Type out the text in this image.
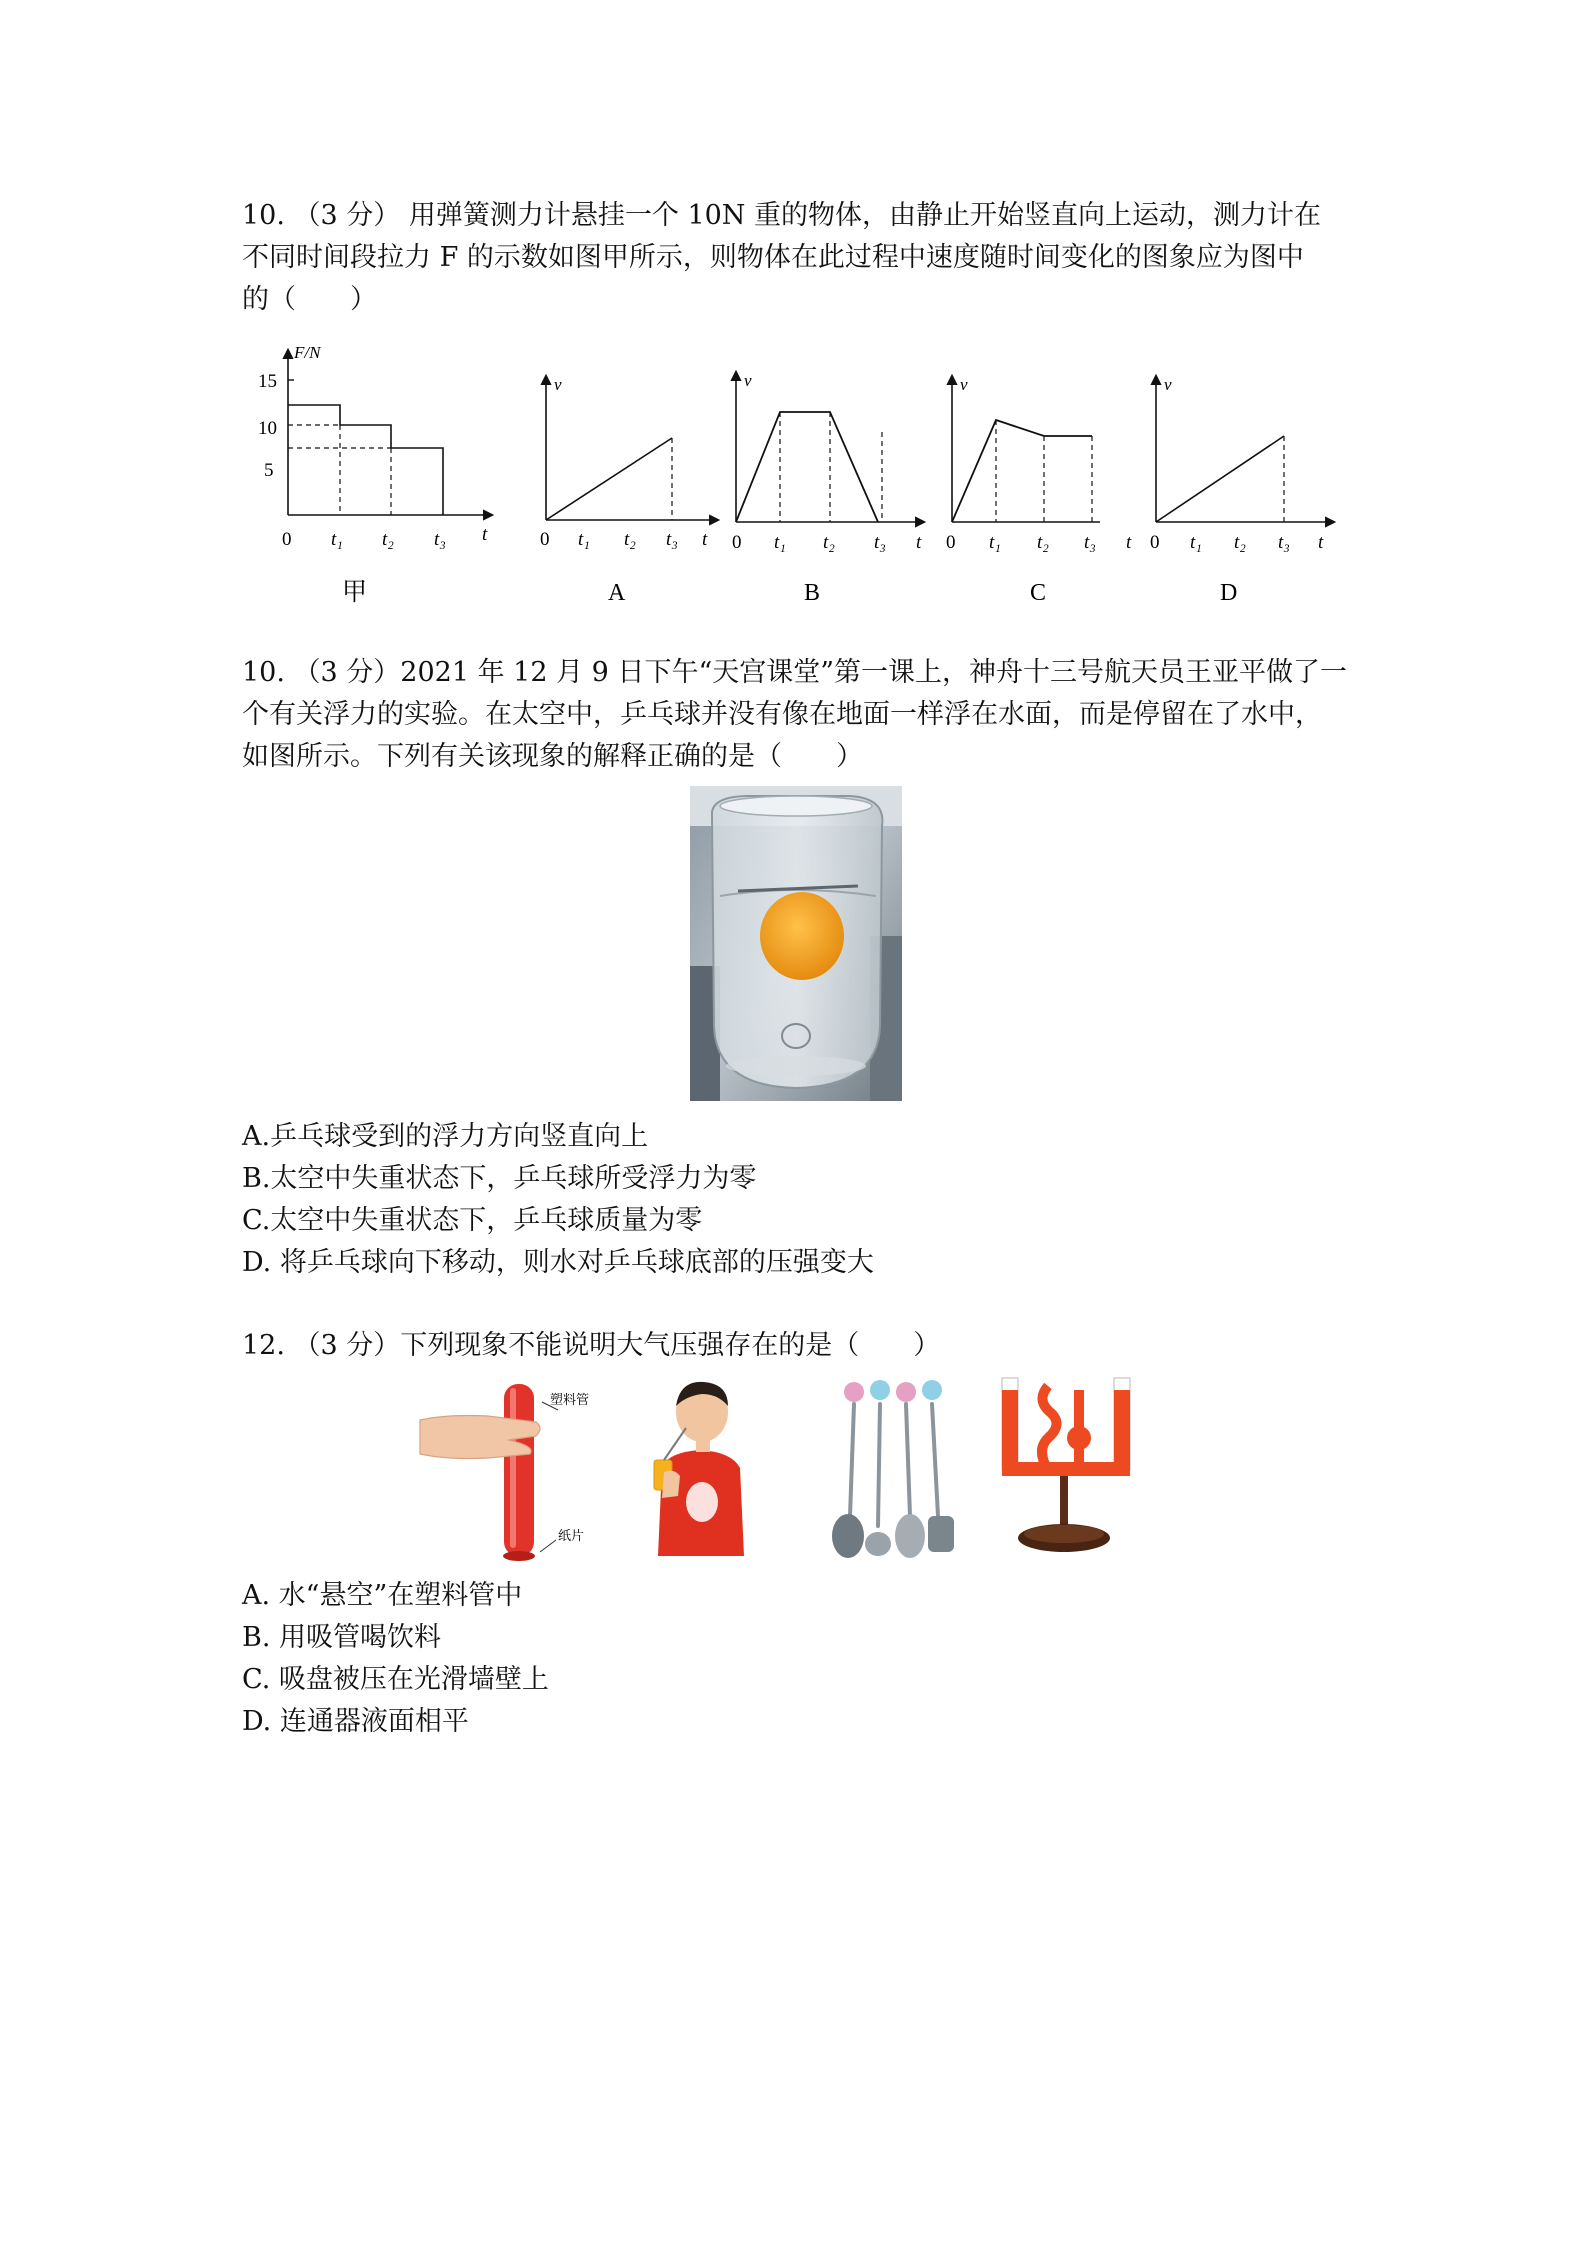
10. （3 分） 用弹簧测力计悬挂一个 10N 重的物体，由静止开始竖直向上运动，测力计在

不同时间段拉力 F 的示数如图甲所示，则物体在此过程中速度随时间变化的图象应为图中

的（　　）

F/N
15
10
5
0 t₁ t₂ t₃ t
甲
v
0 t₁ t₂ t₃ t
A
v
0 t₁ t₂ t₃ t
B
v
0 t₁ t₂ t₃ t
C
v
0 t₁ t₂ t₃ t
D

10. （3 分）2021 年 12 月 9 日下午“天宫课堂”第一课上，神舟十三号航天员王亚平做了一

个有关浮力的实验。在太空中，乒乓球并没有像在地面一样浮在水面，而是停留在了水中，

如图所示。下列有关该现象的解释正确的是（　　）

A.乒乓球受到的浮力方向竖直向上
B.太空中失重状态下，乒乓球所受浮力为零
C.太空中失重状态下，乒乓球质量为零
D. 将乒乓球向下移动，则水对乒乓球底部的压强变大

12. （3 分）下列现象不能说明大气压强存在的是（　　）

塑料管
纸片
A. 水“悬空”在塑料管中
B. 用吸管喝饮料
C. 吸盘被压在光滑墙壁上
D. 连通器液面相平
